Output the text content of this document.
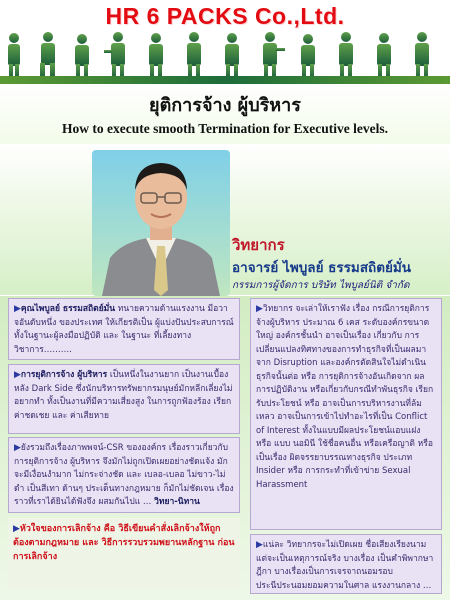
HR 6 PACKS Co.,Ltd.
ยุติการจ้าง ผู้บริหาร
How to execute smooth Termination for Executive levels.
วิทยากร
อาจารย์ ไพบูลย์ ธรรมสถิตย์มั่น
กรรมการผู้จัดการ บริษัท ไพบูลย์นิติ จำกัด
▶คุณไพบูลย์ ธรรมสถิตย์มั่น ทนายความด้านแรงงาน มีอวาจอันดับหนึ่ง ของประเทศ ให้เกียรติเป็น ผู้แบ่งปันประสบการณ์ ทั้งในฐานะผู้ลงมือปฏิบัติ และ ในฐานะ ที่เลี้ยงทางวิชาการ……….
▶การยุติการจ้าง ผู้บริหาร เป็นหนึ่งในงานยาก เป็นงานเบื้องหลัง Dark Side ซึ่งนักบริหารทรัพยากรมนุษย์มักหลีกเลี่ยงไม่อยากทำ ทั้งเป็นงานที่มีความเสี่ยงสูง ในการถูกฟ้องร้อง เรียกค่าชดเชย และ ค่าเสียหาย
▶ยังรวมถึงเรื่องภาพพจน์-CSR ขององค์กร เรื่องราวเกี่ยวกับการยุติการจ้าง ผู้บริหาร จึงมักไม่ถูกเปิดเผยอย่างชัดแจ้ง มักจะมีเงื่อนงำมาก ไม่กระจ่างชัด และ เบลอ-เบลอ ไม่ขาว-ไม่ดำ เป็นสีเทา ด้านๆ ประเด็นทางกฎหมาย ก็มักไม่ชัดเจน เรื่องราวที่เราได้ยินได้ฟังจึง ผสมกันไปแ … วิทยา-นิทาน
▶หัวใจของการเลิกจ้าง คือ วิธีเขียนคำสั่งเลิกจ้างให้ถูกต้องตามกฎหมาย และ วิธีการรวบรวมพยานหลักฐาน ก่อนการเลิกจ้าง
▶วิทยากร จะเล่าให้เราฟัง เรื่อง กรณีการยุติการจ้างผู้บริหาร ประมาณ 6 เคส ระดับองค์กรขนาดใหญ่ องค์กรชั้นนำ อาจเป็นเรื่อง เกี่ยวกับ การเปลี่ยนแปลงทิศทางของการทำธุรกิจที่เป็นผลมาจาก Disruption และองค์กรตัดสินใจไม่ดำเนินธุรกิจนั้นต่อ หรือ การยุติการจ้างอันเกิดจาก ผลการปฏิบัติงาน หรือเกี่ยวกับกรณีทำพันธุรกิจ เรียกรับประโยชน์ หรือ อาจเป็นการบริหารงานที่ล้มเหลว อาจเป็นการเข้าไปทำอะไรที่เป็น Conflict of Interest ทั้งในแบบมีผลประโยชน์แอบแฝง หรือ แบบ นอมินี ใช้ชื่อคนอื่น หรือเครือญาติ หรือเป็นเรื่อง ผิดจรรยาบรรณทางธุรกิจ ประเภท Insider หรือ การกระทำที่เข้าข่าย Sexual Harassment
▶แน่ละ วิทยากรจะไม่เปิดเผย ชื่อเสียงเรียงนาม แต่จะเป็นเหตุการณ์จริง บางเรื่อง เป็นคำพิพากษาฎีกา บางเรื่องเป็นการเจรจาถนอมรอบ ประนีประนอมยอมความในศาล แรงงานกลาง …
